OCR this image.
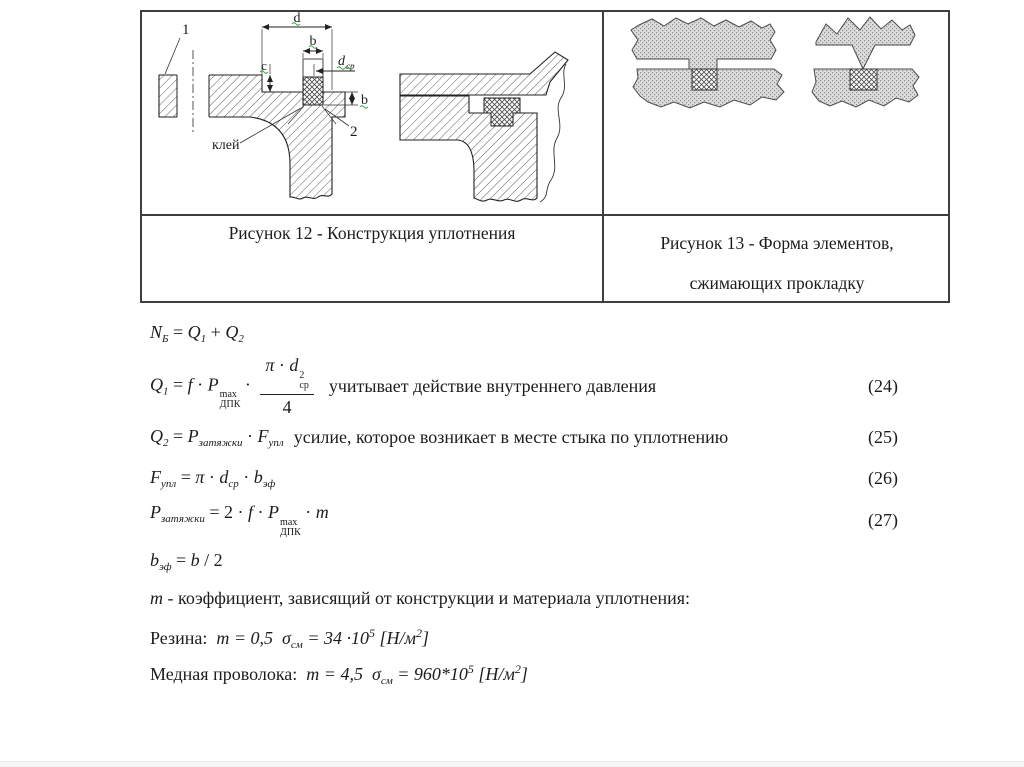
d
b
c	d ср
b
1
2
клей
Рисунок 12 - Конструкция уплотнения	Рисунок 13 - Форма элементов,
сжимающих прокладку
$N_Б = Q_1 + Q_2$
$Q_1 = f \cdot P$
max
ДПК
· π · d
2
ср
4 учитывает действие внутреннего давления	(24)
$Q_2 = P_{затяжки} \cdot F_{упл}$ усилие, которое возникает в месте стыка по уплотнению	(25)
$F_{упл} = \pi \cdot d_{ср} \cdot b_{эф}$	(26)
$P_{затяжки} = 2 \cdot f \cdot P$
max
ДПК
· m	(27)
$b_{эф} = b / 2$
m - коэффициент, зависящий от конструкции и материала уплотнения:
Резина:  m = 0,5 $\sigma_{см} = 34 \cdot 10^5$ $[Н/м^2]$
Медная проволока:  m = 4,5 $\sigma_{см} = 960*10^5$ $[Н/м^2]$
